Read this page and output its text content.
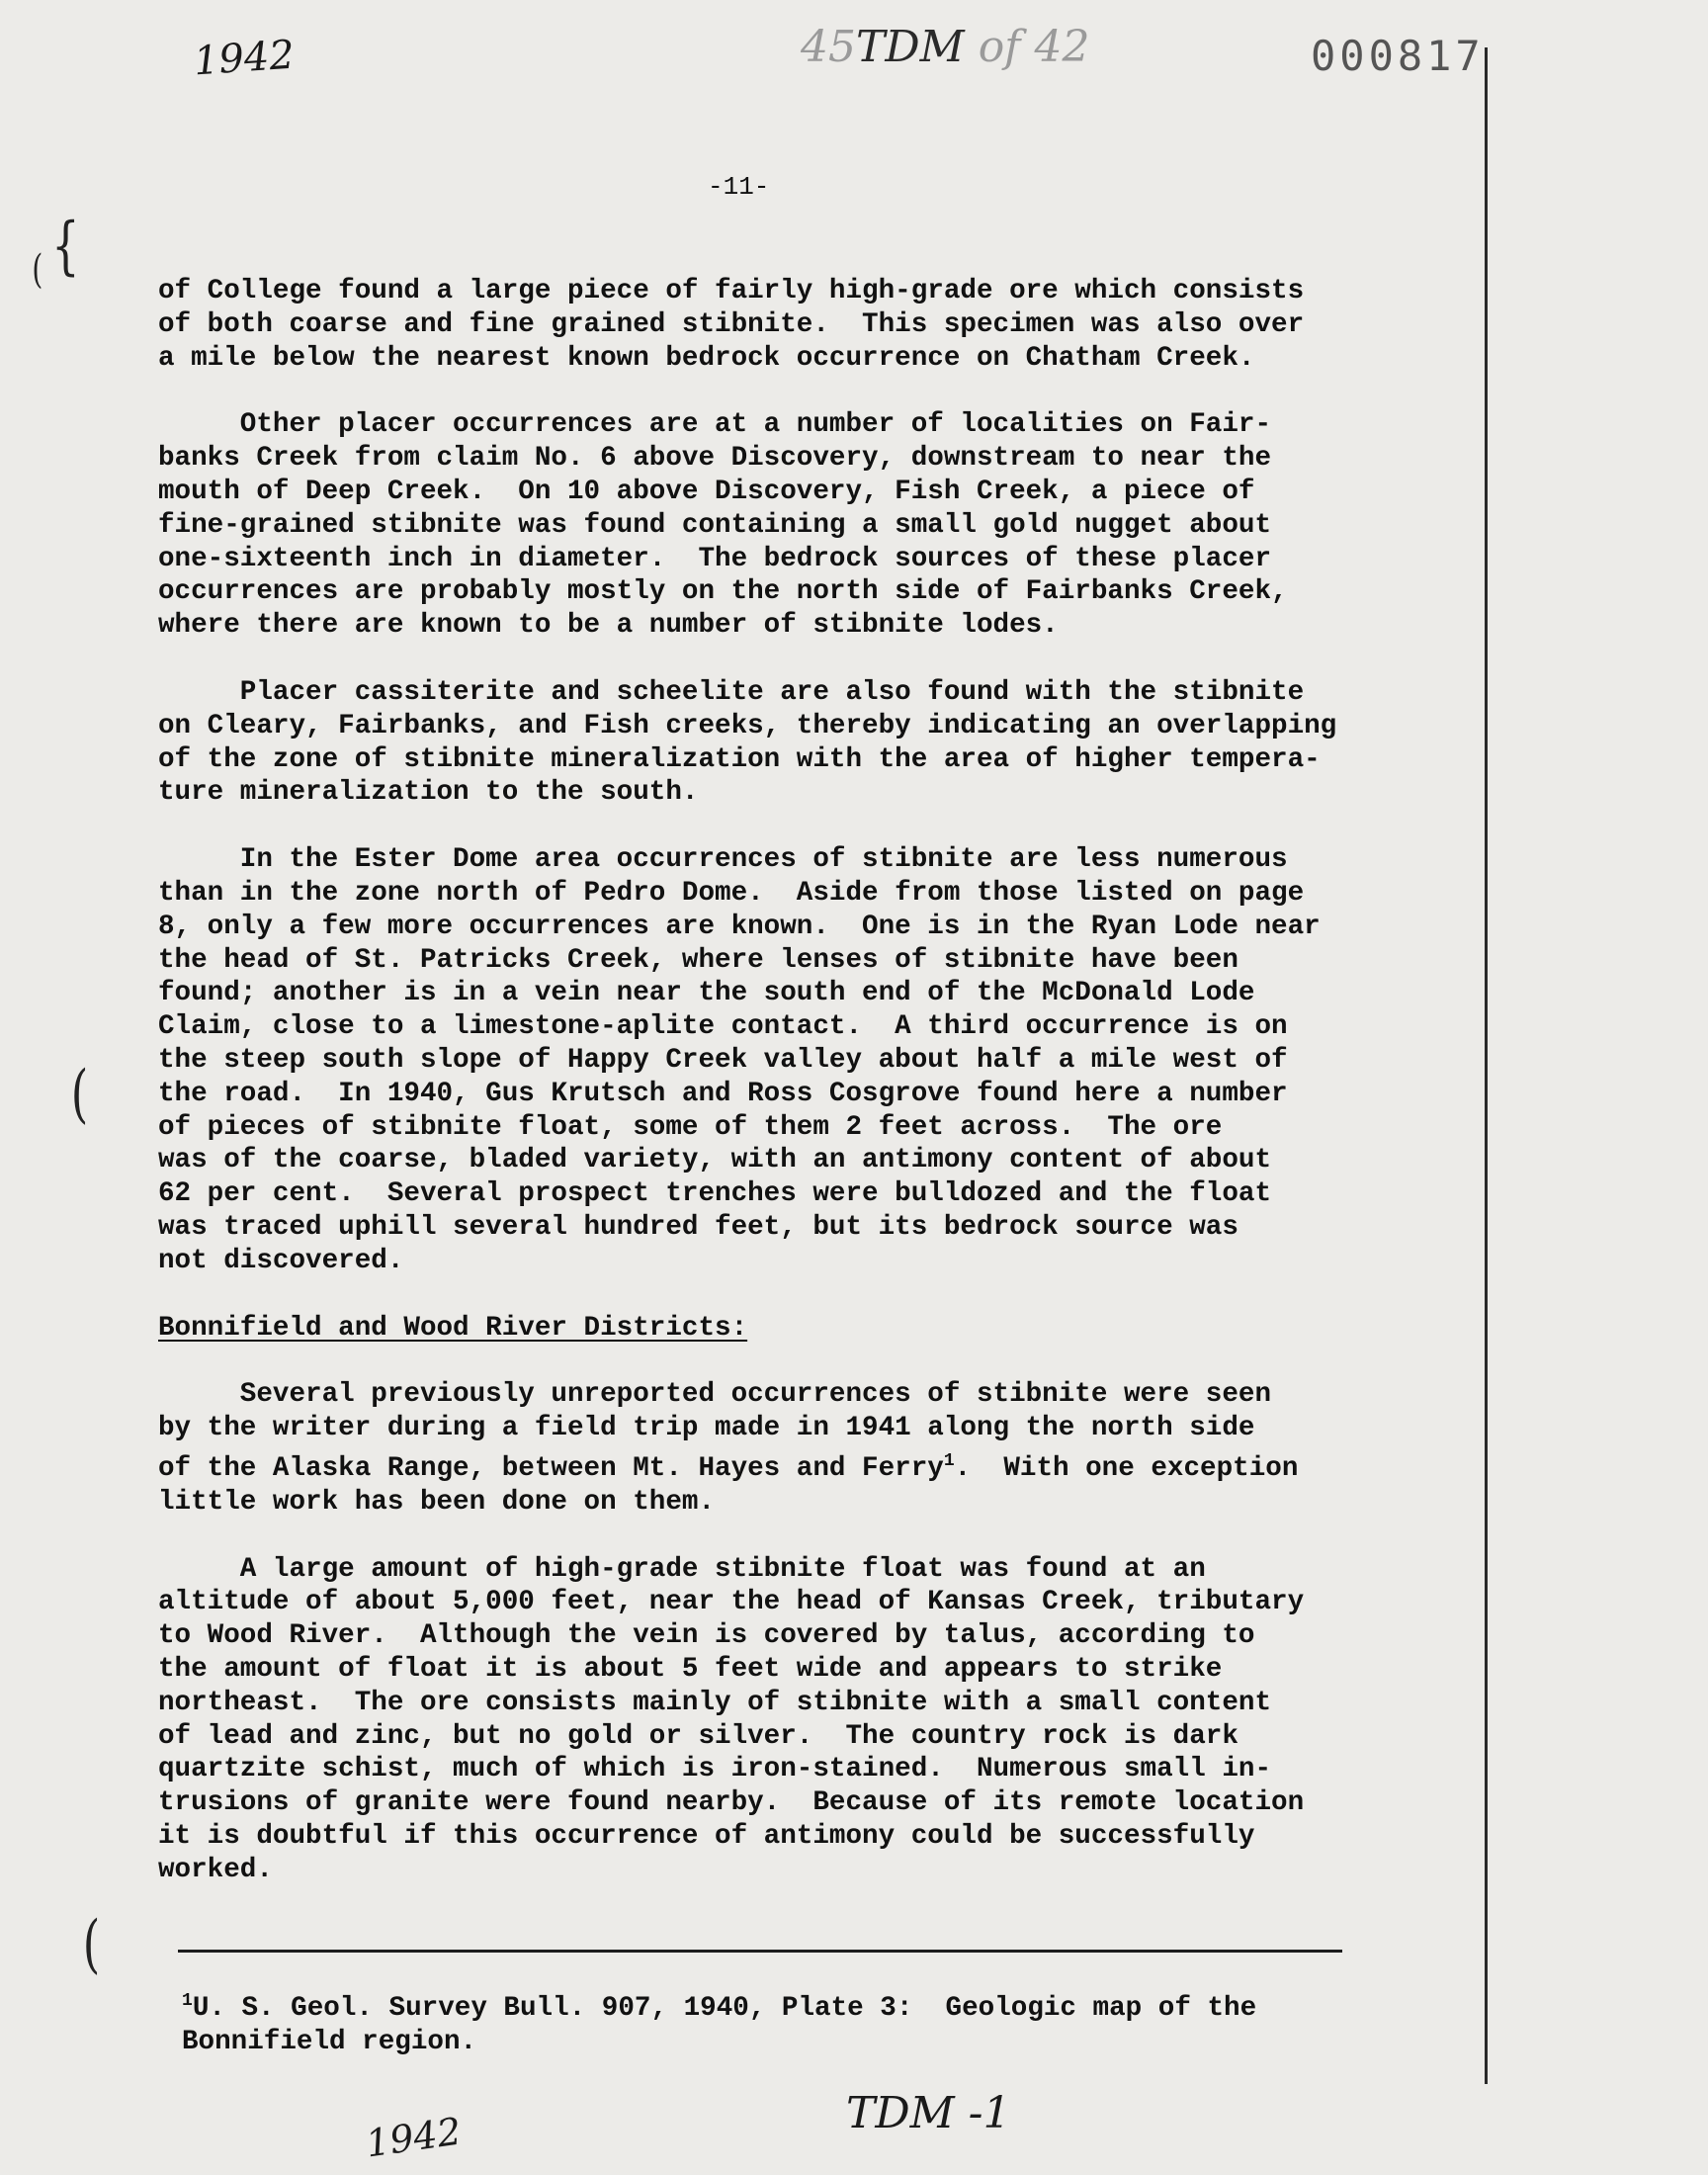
1942	45TDM of 42	000817
-11-
{
(
(
(
of College found a large piece of fairly high-grade ore which consists
of both coarse and fine grained stibnite.  This specimen was also over
a mile below the nearest known bedrock occurrence on Chatham Creek.
Other placer occurrences are at a number of localities on Fair-
banks Creek from claim No. 6 above Discovery, downstream to near the
mouth of Deep Creek.  On 10 above Discovery, Fish Creek, a piece of
fine-grained stibnite was found containing a small gold nugget about
one-sixteenth inch in diameter.  The bedrock sources of these placer
occurrences are probably mostly on the north side of Fairbanks Creek,
where there are known to be a number of stibnite lodes.
Placer cassiterite and scheelite are also found with the stibnite
on Cleary, Fairbanks, and Fish creeks, thereby indicating an overlapping
of the zone of stibnite mineralization with the area of higher tempera-
ture mineralization to the south.
In the Ester Dome area occurrences of stibnite are less numerous
than in the zone north of Pedro Dome.  Aside from those listed on page
8, only a few more occurrences are known.  One is in the Ryan Lode near
the head of St. Patricks Creek, where lenses of stibnite have been
found; another is in a vein near the south end of the McDonald Lode
Claim, close to a limestone-aplite contact.  A third occurrence is on
the steep south slope of Happy Creek valley about half a mile west of
the road.  In 1940, Gus Krutsch and Ross Cosgrove found here a number
of pieces of stibnite float, some of them 2 feet across.  The ore
was of the coarse, bladed variety, with an antimony content of about
62 per cent.  Several prospect trenches were bulldozed and the float
was traced uphill several hundred feet, but its bedrock source was
not discovered.
Bonnifield and Wood River Districts:
Several previously unreported occurrences of stibnite were seen
by the writer during a field trip made in 1941 along the north side
of the Alaska Range, between Mt. Hayes and Ferry$^1$.  With one exception
little work has been done on them.
A large amount of high-grade stibnite float was found at an
altitude of about 5,000 feet, near the head of Kansas Creek, tributary
to Wood River.  Although the vein is covered by talus, according to
the amount of float it is about 5 feet wide and appears to strike
northeast.  The ore consists mainly of stibnite with a small content
of lead and zinc, but no gold or silver.  The country rock is dark
quartzite schist, much of which is iron-stained.  Numerous small in-
trusions of granite were found nearby.  Because of its remote location
it is doubtful if this occurrence of antimony could be successfully
worked.
$^1$U. S. Geol. Survey Bull. 907, 1940, Plate 3:  Geologic map of the
Bonnifield region.
1942	TDM -1
